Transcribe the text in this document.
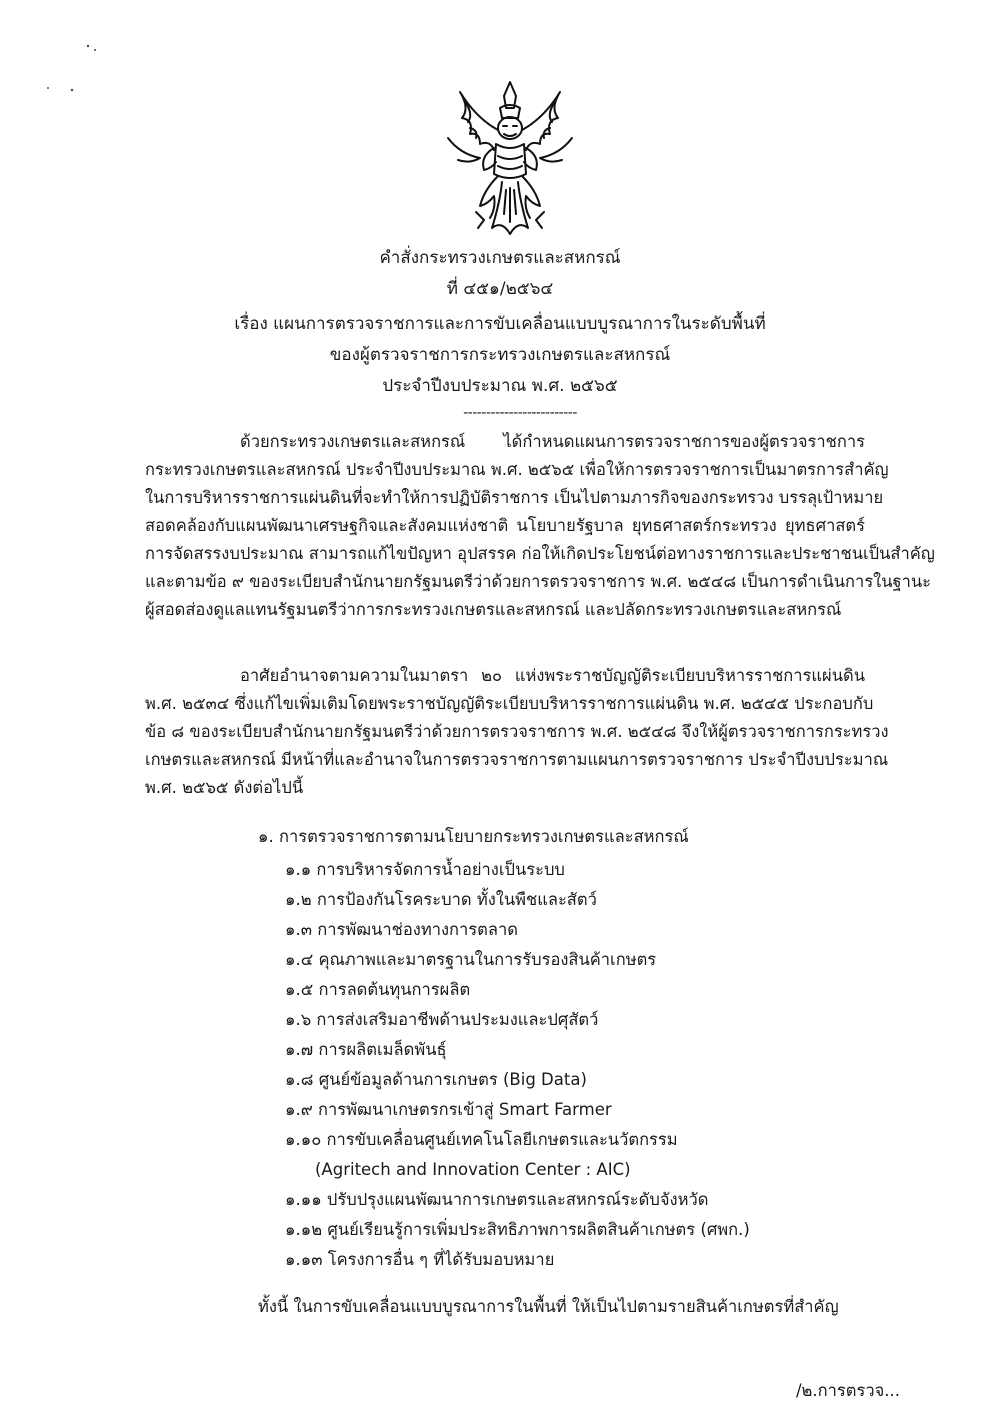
คำสั่งกระทรวงเกษตรและสหกรณ์
ที่ ๔๕๑/๒๕๖๔
เรื่อง แผนการตรวจราชการและการขับเคลื่อนแบบบูรณาการในระดับพื้นที่
ของผู้ตรวจราชการกระทรวงเกษตรและสหกรณ์
ประจำปีงบประมาณ พ.ศ. ๒๕๖๕
-------------------------
ด้วยกระทรวงเกษตรและสหกรณ์ ได้กำหนดแผนการตรวจราชการของผู้ตรวจราชการ
กระทรวงเกษตรและสหกรณ์ ประจำปีงบประมาณ พ.ศ. ๒๕๖๕ เพื่อให้การตรวจราชการเป็นมาตรการสำคัญ
ในการบริหารราชการแผ่นดินที่จะทำให้การปฏิบัติราชการ เป็นไปตามภารกิจของกระทรวง บรรลุเป้าหมาย
สอดคล้องกับแผนพัฒนาเศรษฐกิจและสังคมแห่งชาติ นโยบายรัฐบาล ยุทธศาสตร์กระทรวง ยุทธศาสตร์
การจัดสรรงบประมาณ สามารถแก้ไขปัญหา อุปสรรค ก่อให้เกิดประโยชน์ต่อทางราชการและประชาชนเป็นสำคัญ
และตามข้อ ๙ ของระเบียบสำนักนายกรัฐมนตรีว่าด้วยการตรวจราชการ พ.ศ. ๒๕๔๘ เป็นการดำเนินการในฐานะ
ผู้สอดส่องดูแลแทนรัฐมนตรีว่าการกระทรวงเกษตรและสหกรณ์ และปลัดกระทรวงเกษตรและสหกรณ์
อาศัยอำนาจตามความในมาตรา ๒๐ แห่งพระราชบัญญัติระเบียบบริหารราชการแผ่นดิน
พ.ศ. ๒๕๓๔ ซึ่งแก้ไขเพิ่มเติมโดยพระราชบัญญัติระเบียบบริหารราชการแผ่นดิน พ.ศ. ๒๕๔๕ ประกอบกับ
ข้อ ๘ ของระเบียบสำนักนายกรัฐมนตรีว่าด้วยการตรวจราชการ พ.ศ. ๒๕๔๘ จึงให้ผู้ตรวจราชการกระทรวง
เกษตรและสหกรณ์ มีหน้าที่และอำนาจในการตรวจราชการตามแผนการตรวจราชการ ประจำปีงบประมาณ
พ.ศ. ๒๕๖๕ ดังต่อไปนี้
๑. การตรวจราชการตามนโยบายกระทรวงเกษตรและสหกรณ์
๑.๑ การบริหารจัดการน้ำอย่างเป็นระบบ
๑.๒ การป้องกันโรคระบาด ทั้งในพืชและสัตว์
๑.๓ การพัฒนาช่องทางการตลาด
๑.๔ คุณภาพและมาตรฐานในการรับรองสินค้าเกษตร
๑.๕ การลดต้นทุนการผลิต
๑.๖ การส่งเสริมอาชีพด้านประมงและปศุสัตว์
๑.๗ การผลิตเมล็ดพันธุ์
๑.๘ ศูนย์ข้อมูลด้านการเกษตร (Big Data)
๑.๙ การพัฒนาเกษตรกรเข้าสู่ Smart Farmer
๑.๑๐ การขับเคลื่อนศูนย์เทคโนโลยีเกษตรและนวัตกรรม
(Agritech and Innovation Center : AIC)
๑.๑๑ ปรับปรุงแผนพัฒนาการเกษตรและสหกรณ์ระดับจังหวัด
๑.๑๒ ศูนย์เรียนรู้การเพิ่มประสิทธิภาพการผลิตสินค้าเกษตร (ศพก.)
๑.๑๓ โครงการอื่น ๆ ที่ได้รับมอบหมาย
ทั้งนี้ ในการขับเคลื่อนแบบบูรณาการในพื้นที่ ให้เป็นไปตามรายสินค้าเกษตรที่สำคัญ
/๒.การตรวจ...
